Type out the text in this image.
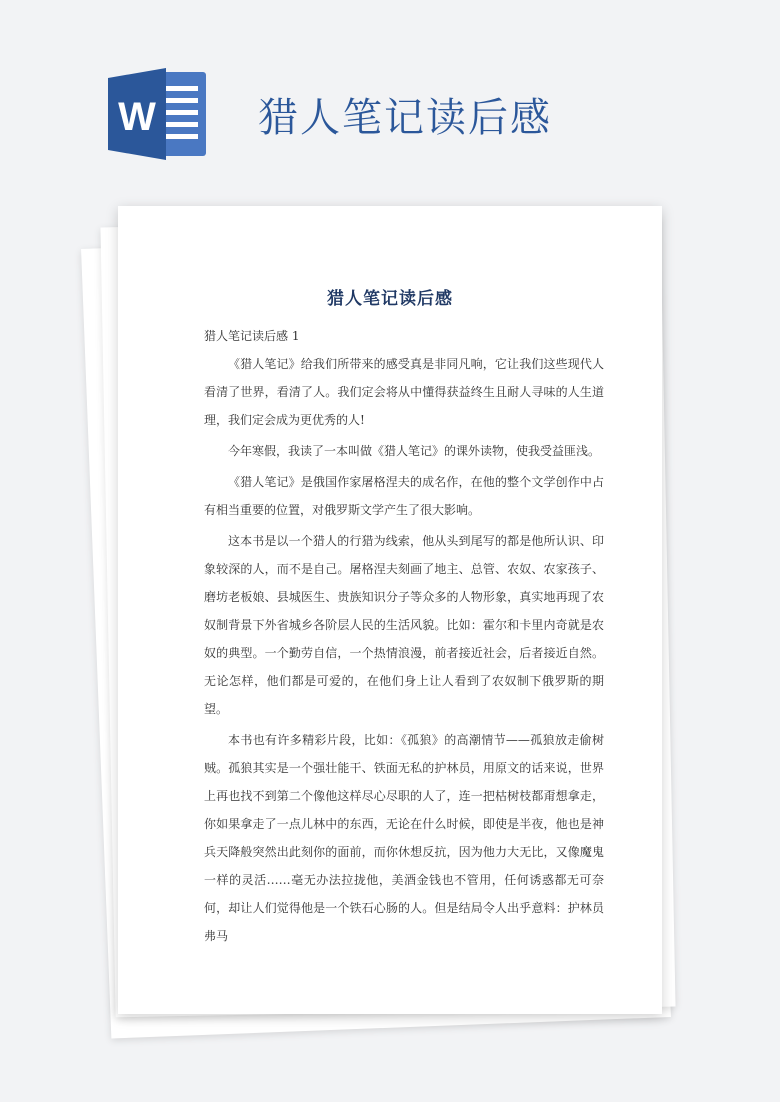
W	猎人笔记读后感
猎人笔记读后感

猎人笔记读后感 1

《猎人笔记》给我们所带来的感受真是非同凡响，它让我们这些现代人看清了世界，看清了人。我们定会将从中懂得获益终生且耐人寻味的人生道理，我们定会成为更优秀的人!

今年寒假，我读了一本叫做《猎人笔记》的课外读物，使我受益匪浅。

《猎人笔记》是俄国作家屠格涅夫的成名作，在他的整个文学创作中占有相当重要的位置，对俄罗斯文学产生了很大影响。

这本书是以一个猎人的行猎为线索，他从头到尾写的都是他所认识、印象较深的人，而不是自己。屠格涅夫刻画了地主、总管、农奴、农家孩子、磨坊老板娘、县城医生、贵族知识分子等众多的人物形象，真实地再现了农奴制背景下外省城乡各阶层人民的生活风貌。比如：霍尔和卡里内奇就是农奴的典型。一个勤劳自信，一个热情浪漫，前者接近社会，后者接近自然。无论怎样，他们都是可爱的，在他们身上让人看到了农奴制下俄罗斯的期望。

本书也有许多精彩片段，比如：《孤狼》的高潮情节——孤狼放走偷树贼。孤狼其实是一个强壮能干、铁面无私的护林员，用原文的话来说，世界上再也找不到第二个像他这样尽心尽职的人了，连一把枯树枝都甭想拿走，你如果拿走了一点儿林中的东西，无论在什么时候，即使是半夜，他也是神兵天降般突然出此刻你的面前，而你休想反抗，因为他力大无比，又像魔鬼一样的灵活……毫无办法拉拢他，美酒金钱也不管用，任何诱惑都无可奈何，却让人们觉得他是一个铁石心肠的人。但是结局令人出乎意料：护林员弗马
